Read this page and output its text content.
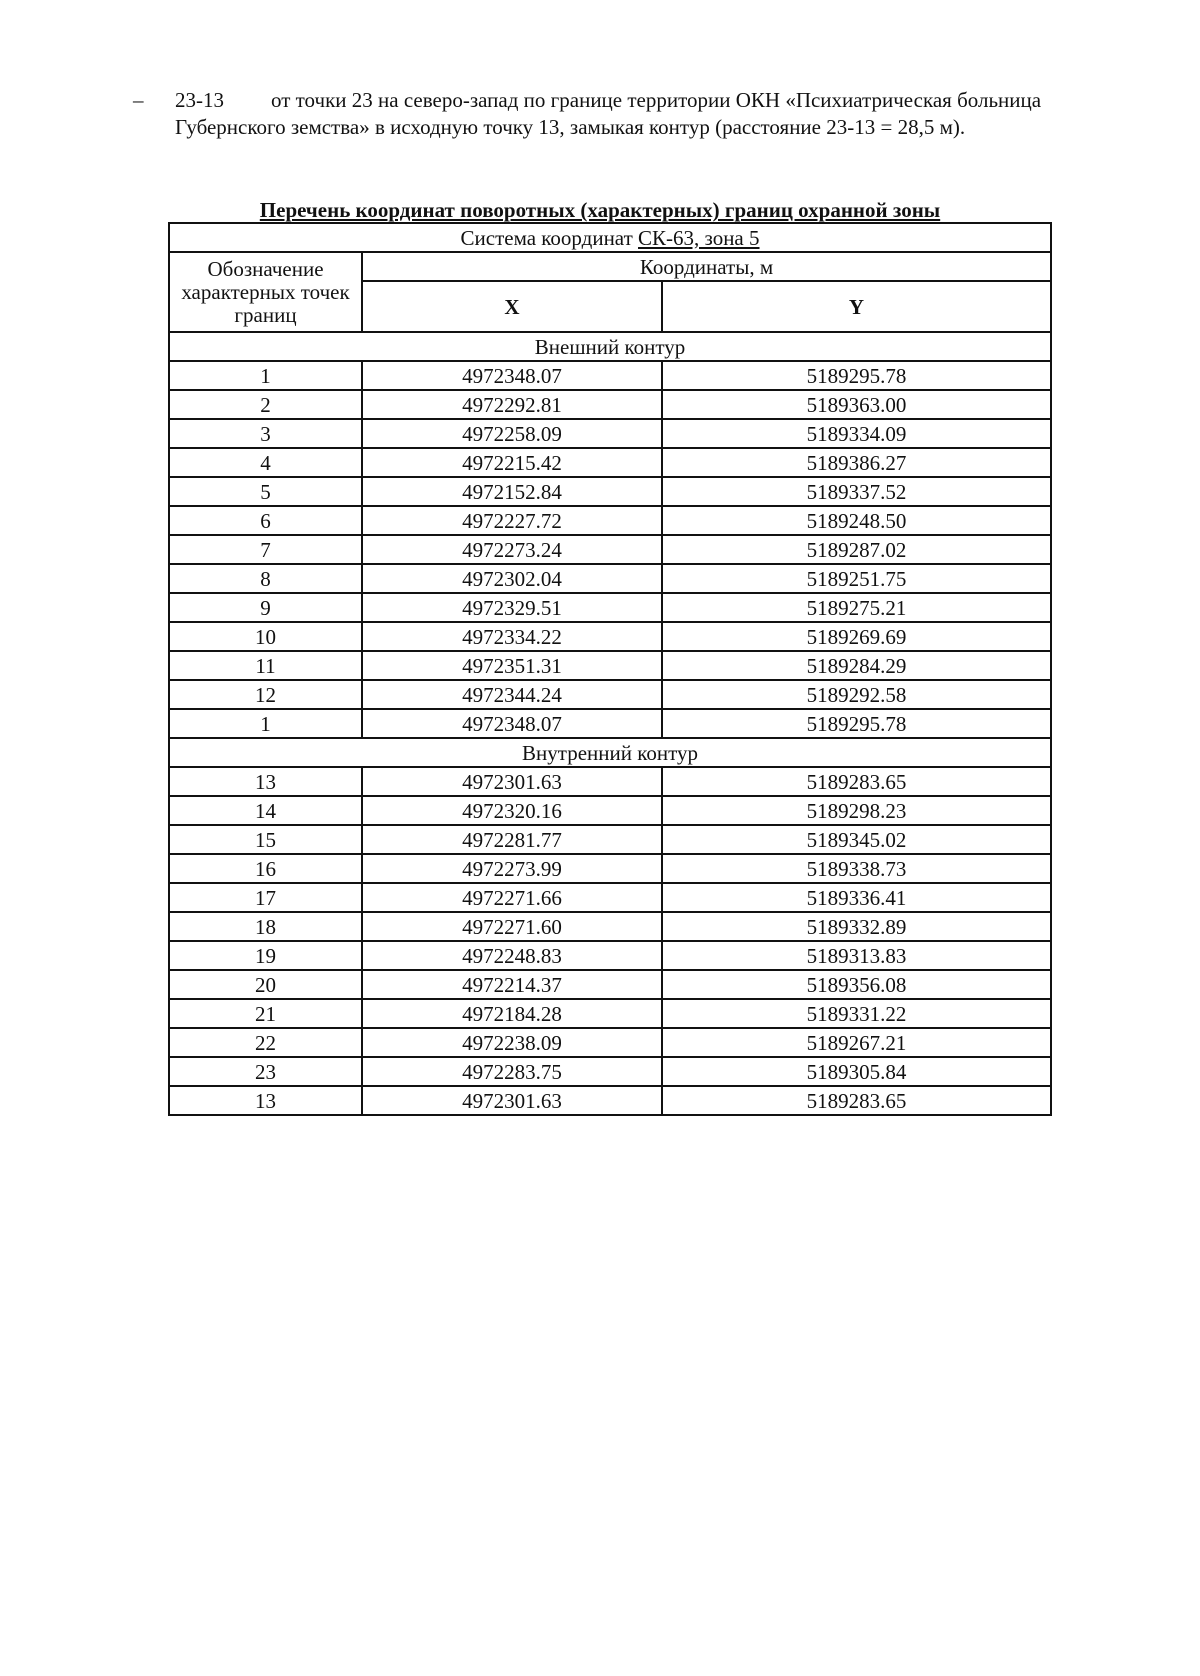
– 23-13 от точки 23 на северо-запад по границе территории ОКН «Психиатрическая больница Губернского земства» в исходную точку 13, замыкая контур (расстояние 23-13 = 28,5 м).
Перечень координат поворотных (характерных) границ охранной зоны
Система координат СК-63, зона 5		
Обозначение характерных точек границ	Координаты, м	
	X	Y
Внешний контур		
1	4972348.07	5189295.78
2	4972292.81	5189363.00
3	4972258.09	5189334.09
4	4972215.42	5189386.27
5	4972152.84	5189337.52
6	4972227.72	5189248.50
7	4972273.24	5189287.02
8	4972302.04	5189251.75
9	4972329.51	5189275.21
10	4972334.22	5189269.69
11	4972351.31	5189284.29
12	4972344.24	5189292.58
1	4972348.07	5189295.78
Внутренний контур		
13	4972301.63	5189283.65
14	4972320.16	5189298.23
15	4972281.77	5189345.02
16	4972273.99	5189338.73
17	4972271.66	5189336.41
18	4972271.60	5189332.89
19	4972248.83	5189313.83
20	4972214.37	5189356.08
21	4972184.28	5189331.22
22	4972238.09	5189267.21
23	4972283.75	5189305.84
13	4972301.63	5189283.65
